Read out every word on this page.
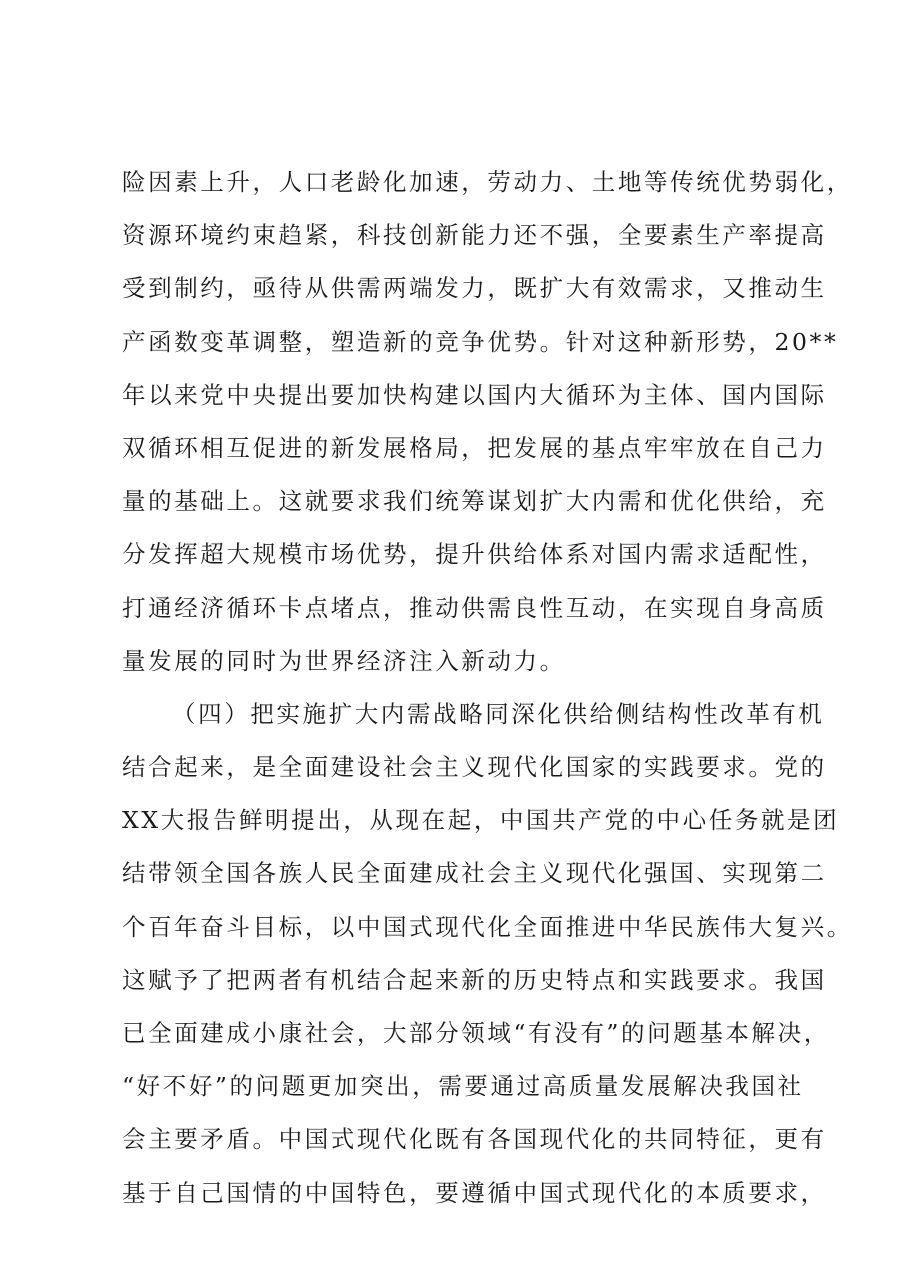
险因素上升，人口老龄化加速，劳动力、土地等传统优势弱化，
资源环境约束趋紧，科技创新能力还不强，全要素生产率提高
受到制约，亟待从供需两端发力，既扩大有效需求，又推动生
产函数变革调整，塑造新的竞争优势。针对这种新形势，20**
年以来党中央提出要加快构建以国内大循环为主体、国内国际
双循环相互促进的新发展格局，把发展的基点牢牢放在自己力
量的基础上。这就要求我们统筹谋划扩大内需和优化供给，充
分发挥超大规模市场优势，提升供给体系对国内需求适配性，
打通经济循环卡点堵点，推动供需良性互动，在实现自身高质
量发展的同时为世界经济注入新动力。
（四）把实施扩大内需战略同深化供给侧结构性改革有机
结合起来，是全面建设社会主义现代化国家的实践要求。党的
XX大报告鲜明提出，从现在起，中国共产党的中心任务就是团
结带领全国各族人民全面建成社会主义现代化强国、实现第二
个百年奋斗目标，以中国式现代化全面推进中华民族伟大复兴。
这赋予了把两者有机结合起来新的历史特点和实践要求。我国
已全面建成小康社会，大部分领域“有没有”的问题基本解决，
“好不好”的问题更加突出，需要通过高质量发展解决我国社
会主要矛盾。中国式现代化既有各国现代化的共同特征，更有
基于自己国情的中国特色，要遵循中国式现代化的本质要求，
